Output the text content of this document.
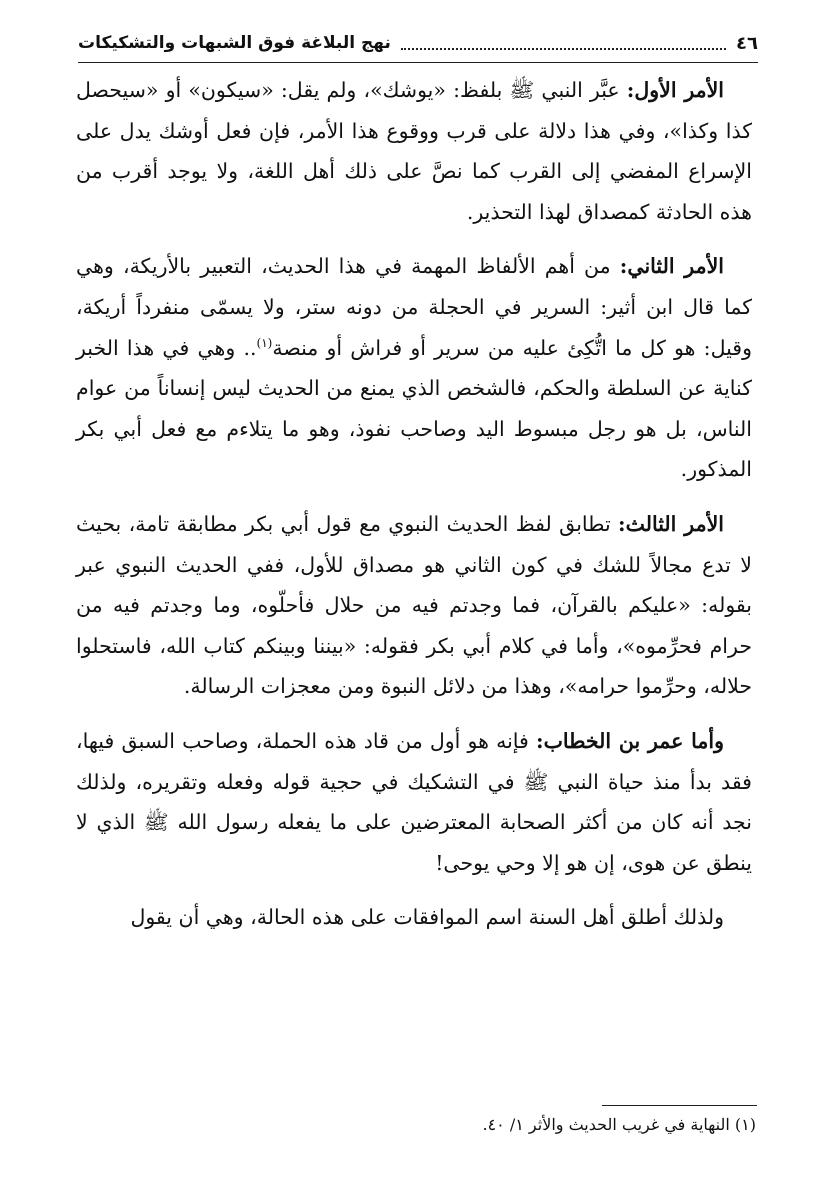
٤٦
نهج البلاغة فوق الشبهات والتشكيكات

الأمر الأول: عبَّر النبي ﷺ بلفظ: «يوشك»، ولم يقل: «سيكون» أو «سيحصل كذا وكذا»، وفي هذا دلالة على قرب ووقوع هذا الأمر، فإن فعل أوشك يدل على الإسراع المفضي إلى القرب كما نصَّ على ذلك أهل اللغة، ولا يوجد أقرب من هذه الحادثة كمصداق لهذا التحذير.

الأمر الثاني: من أهم الألفاظ المهمة في هذا الحديث، التعبير بالأريكة، وهي كما قال ابن أثير: السرير في الحجلة من دونه ستر، ولا يسمّى منفرداً أريكة، وقيل: هو كل ما اتُّكِئ عليه من سرير أو فراش أو منصة$^{(١)}$.. وهي في هذا الخبر كناية عن السلطة والحكم، فالشخص الذي يمنع من الحديث ليس إنساناً من عوام الناس، بل هو رجل مبسوط اليد وصاحب نفوذ، وهو ما يتلاءم مع فعل أبي بكر المذكور.

الأمر الثالث: تطابق لفظ الحديث النبوي مع قول أبي بكر مطابقة تامة، بحيث لا تدع مجالاً للشك في كون الثاني هو مصداق للأول، ففي الحديث النبوي عبر بقوله: «عليكم بالقرآن، فما وجدتم فيه من حلال فأحلّوه، وما وجدتم فيه من حرام فحرِّموه»، وأما في كلام أبي بكر فقوله: «بيننا وبينكم كتاب الله، فاستحلوا حلاله، وحرِّموا حرامه»، وهذا من دلائل النبوة ومن معجزات الرسالة.

وأما عمر بن الخطاب: فإنه هو أول من قاد هذه الحملة، وصاحب السبق فيها، فقد بدأ منذ حياة النبي ﷺ في التشكيك في حجية قوله وفعله وتقريره، ولذلك نجد أنه كان من أكثر الصحابة المعترضين على ما يفعله رسول الله ﷺ الذي لا ينطق عن هوى، إن هو إلا وحي يوحى!

ولذلك أطلق أهل السنة اسم الموافقات على هذه الحالة، وهي أن يقول

(١) النهاية في غريب الحديث والأثر ١/ ٤٠.
